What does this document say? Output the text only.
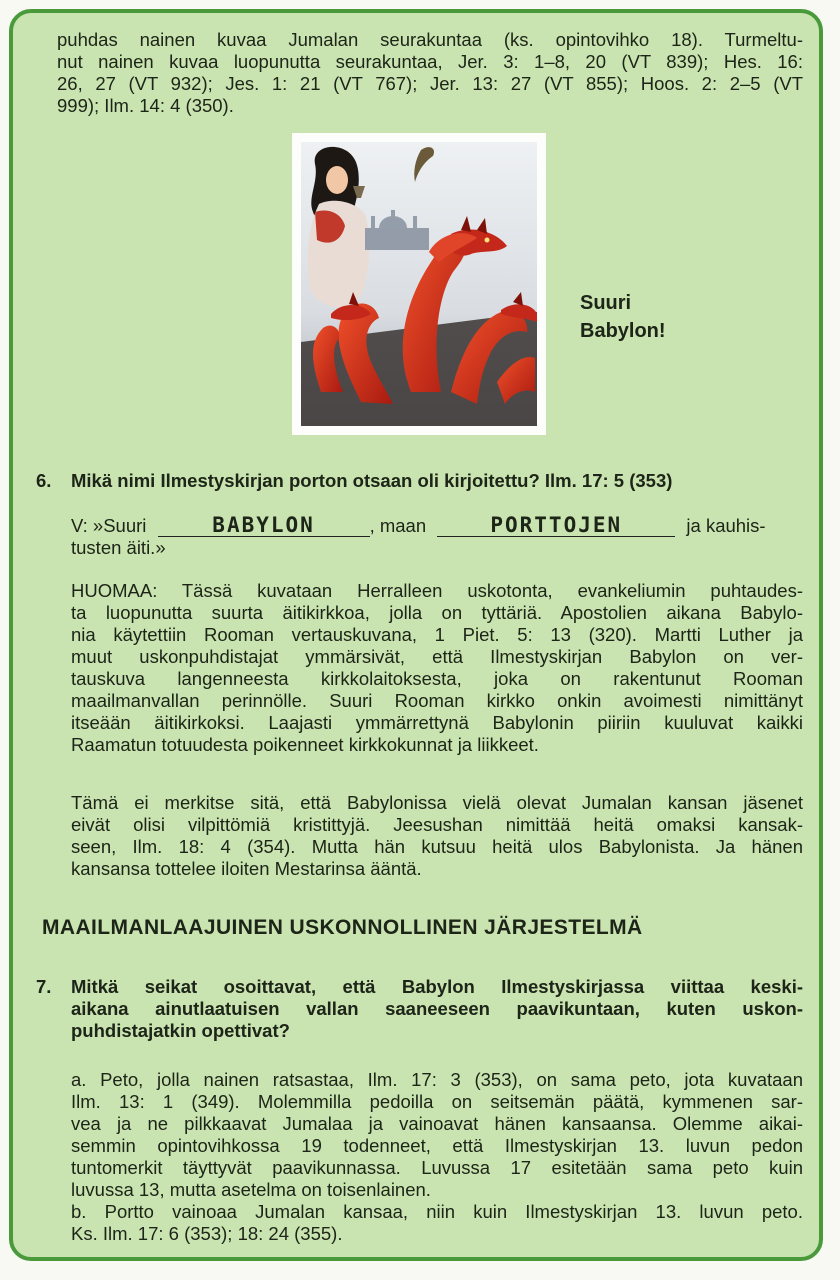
puhdas nainen kuvaa Jumalan seurakuntaa (ks. opintovihko 18). Turmeltu-
nut nainen kuvaa luopunutta seurakuntaa, Jer. 3: 1–8, 20 (VT 839); Hes. 16:
26, 27 (VT 932); Jes. 1: 21 (VT 767); Jer. 13: 27 (VT 855); Hoos. 2: 2–5 (VT
999); Ilm. 14: 4 (350).
Suuri
Babylon!
6. Mikä nimi Ilmestyskirjan porton otsaan oli kirjoitettu? Ilm. 17: 5 (353)
V: »Suuri	BABYLON	, maan	PORTTOJEN	ja kauhis-
tusten äiti.»
HUOMAA: Tässä kuvataan Herralleen uskotonta, evankeliumin puhtaudes-
ta luopunutta suurta äitikirkkoa, jolla on tyttäriä. Apostolien aikana Babylo-
nia käytettiin Rooman vertauskuvana, 1 Piet. 5: 13 (320). Martti Luther ja
muut uskonpuhdistajat ymmärsivät, että Ilmestyskirjan Babylon on ver-
tauskuva langenneesta kirkkolaitoksesta, joka on rakentunut Rooman
maailmanvallan perinnölle. Suuri Rooman kirkko onkin avoimesti nimittänyt
itseään äitikirkoksi. Laajasti ymmärrettynä Babylonin piiriin kuuluvat kaikki
Raamatun totuudesta poikenneet kirkkokunnat ja liikkeet.
Tämä ei merkitse sitä, että Babylonissa vielä olevat Jumalan kansan jäsenet
eivät olisi vilpittömiä kristittyjä. Jeesushan nimittää heitä omaksi kansak-
seen, Ilm. 18: 4 (354). Mutta hän kutsuu heitä ulos Babylonista. Ja hänen
kansansa tottelee iloiten Mestarinsa ääntä.
MAAILMANLAAJUINEN USKONNOLLINEN JÄRJESTELMÄ
7. Mitkä seikat osoittavat, että Babylon Ilmestyskirjassa viittaa keski-
aikana ainutlaatuisen vallan saaneeseen paavikuntaan, kuten uskon-
puhdistajatkin opettivat?
a. Peto, jolla nainen ratsastaa, Ilm. 17: 3 (353), on sama peto, jota kuvataan
Ilm. 13: 1 (349). Molemmilla pedoilla on seitsemän päätä, kymmenen sar-
vea ja ne pilkkaavat Jumalaa ja vainoavat hänen kansaansa. Olemme aikai-
semmin opintovihkossa 19 todenneet, että Ilmestyskirjan 13. luvun pedon
tuntomerkit täyttyvät paavikunnassa. Luvussa 17 esitetään sama peto kuin
luvussa 13, mutta asetelma on toisenlainen.
b. Portto vainoaa Jumalan kansaa, niin kuin Ilmestyskirjan 13. luvun peto.
Ks. Ilm. 17: 6 (353); 18: 24 (355).
